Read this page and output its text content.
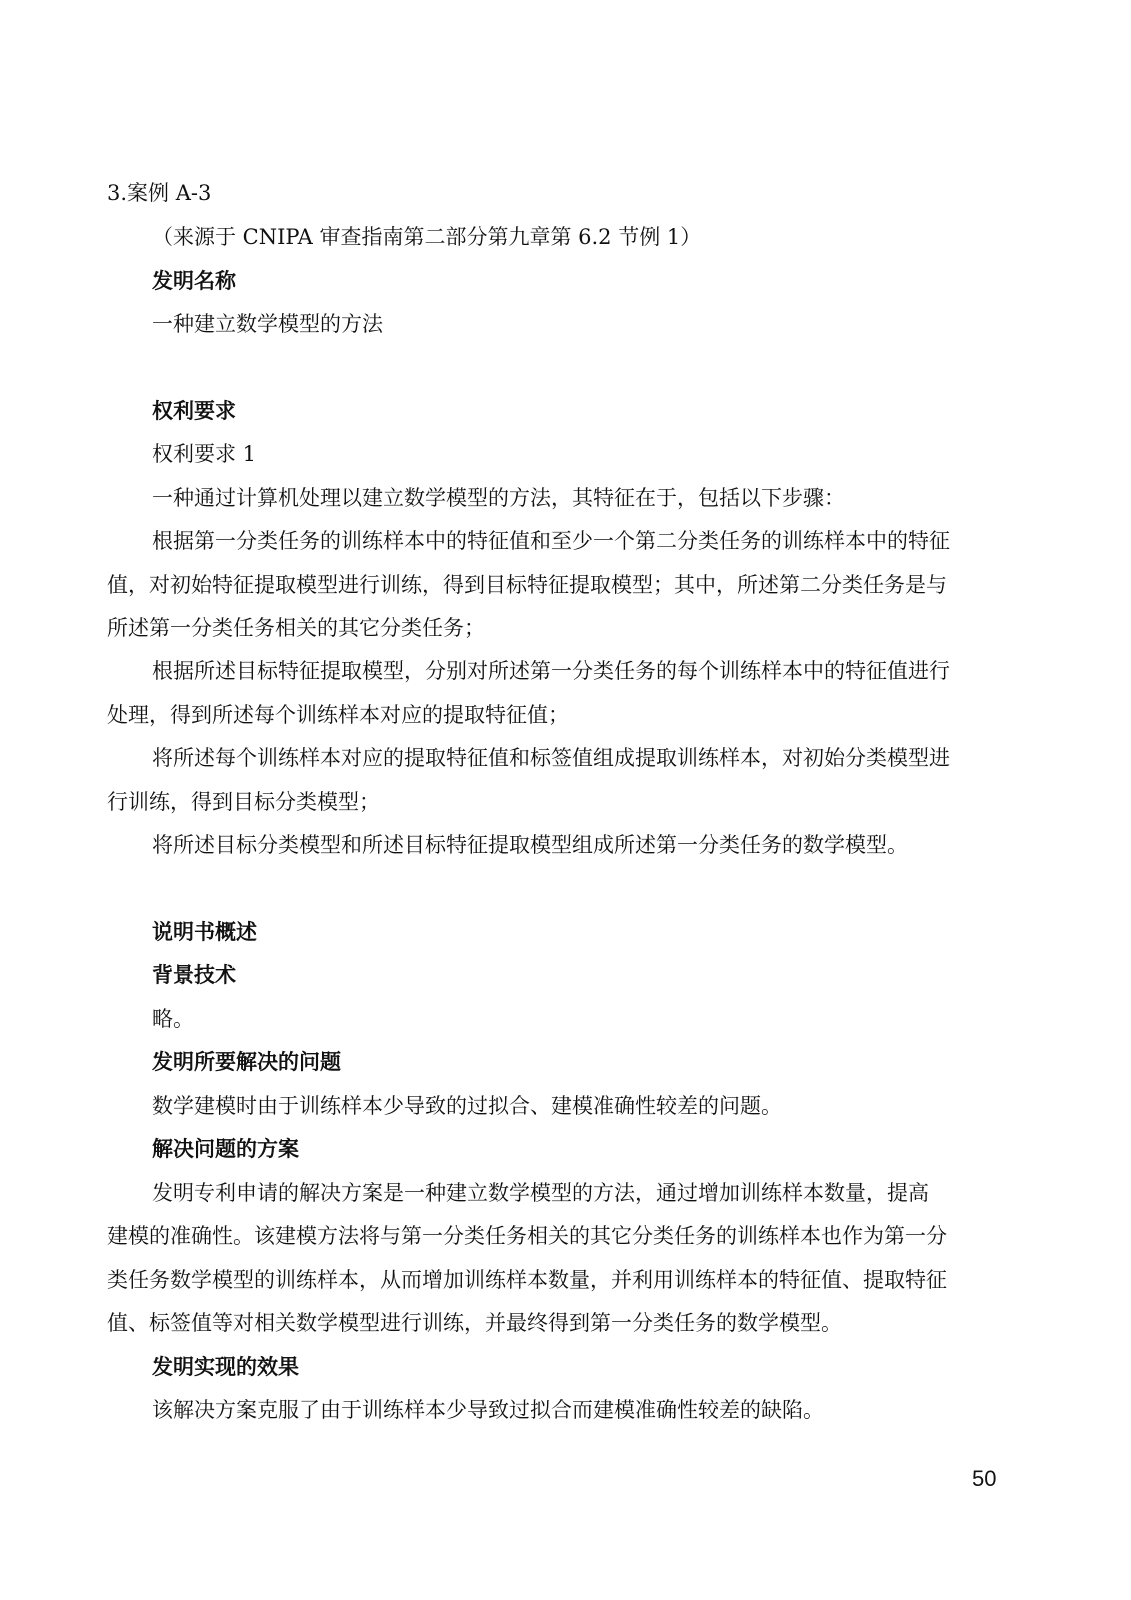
3.案例 A-3
（来源于 CNIPA 审查指南第二部分第九章第 6.2 节例 1）
发明名称
一种建立数学模型的方法
权利要求
权利要求 1
一种通过计算机处理以建立数学模型的方法，其特征在于，包括以下步骤：
根据第一分类任务的训练样本中的特征值和至少一个第二分类任务的训练样本中的特征
值，对初始特征提取模型进行训练，得到目标特征提取模型；其中，所述第二分类任务是与
所述第一分类任务相关的其它分类任务；
根据所述目标特征提取模型，分别对所述第一分类任务的每个训练样本中的特征值进行
处理，得到所述每个训练样本对应的提取特征值；
将所述每个训练样本对应的提取特征值和标签值组成提取训练样本，对初始分类模型进
行训练，得到目标分类模型；
将所述目标分类模型和所述目标特征提取模型组成所述第一分类任务的数学模型。
说明书概述
背景技术
略。
发明所要解决的问题
数学建模时由于训练样本少导致的过拟合、建模准确性较差的问题。
解决问题的方案
发明专利申请的解决方案是一种建立数学模型的方法，通过增加训练样本数量，提高
建模的准确性。该建模方法将与第一分类任务相关的其它分类任务的训练样本也作为第一分
类任务数学模型的训练样本，从而增加训练样本数量，并利用训练样本的特征值、提取特征
值、标签值等对相关数学模型进行训练，并最终得到第一分类任务的数学模型。
发明实现的效果
该解决方案克服了由于训练样本少导致过拟合而建模准确性较差的缺陷。
50
